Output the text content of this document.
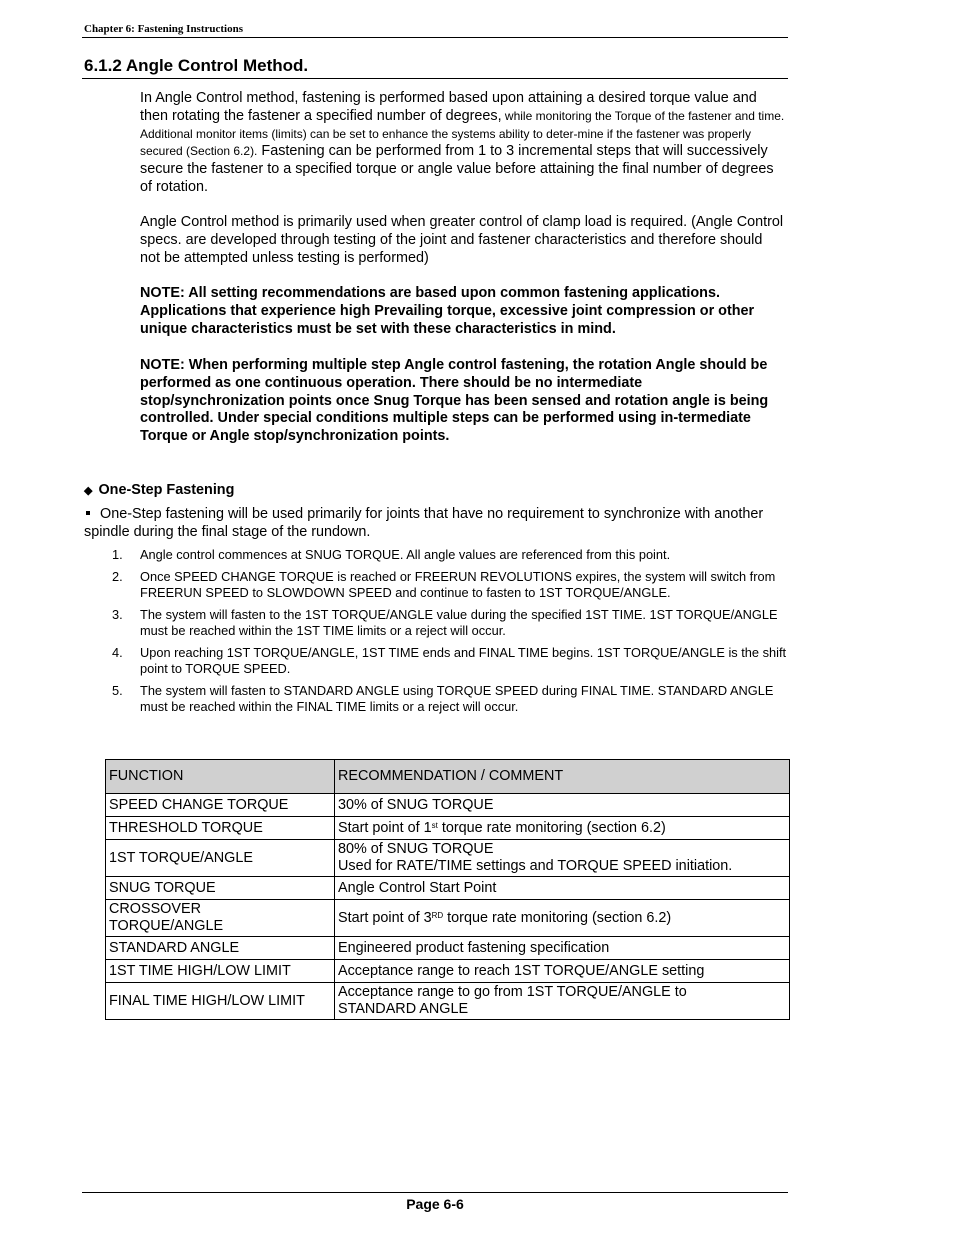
Chapter 6: Fastening Instructions
6.1.2 Angle Control Method.
In Angle Control method, fastening is performed based upon attaining a desired torque value and then rotating the fastener a specified number of degrees, while monitoring the Torque of the fastener and time. Additional monitor items (limits) can be set to enhance the systems ability to deter-mine if the fastener was properly secured (Section 6.2). Fastening can be performed from 1 to 3 incremental steps that will successively secure the fastener to a specified torque or angle value before attaining the final number of degrees of rotation.
Angle Control method is primarily used when greater control of clamp load is required. (Angle Control specs. are developed through testing of the joint and fastener characteristics and therefore should not be attempted unless testing is performed)
NOTE: All setting recommendations are based upon common fastening applications. Applications that experience high Prevailing torque, excessive joint compression or other unique characteristics must be set with these characteristics in mind.
NOTE: When performing multiple step Angle control fastening, the rotation Angle should be performed as one continuous operation. There should be no intermediate stop/synchronization points once Snug Torque has been sensed and rotation angle is being controlled. Under special conditions multiple steps can be performed using in-termediate Torque or Angle stop/synchronization points.
◆ One-Step Fastening
One-Step fastening will be used primarily for joints that have no requirement to synchronize with another spindle during the final stage of the rundown.
1. Angle control commences at SNUG TORQUE. All angle values are referenced from this point.
2. Once SPEED CHANGE TORQUE is reached or FREERUN REVOLUTIONS expires, the system will switch from FREERUN SPEED to SLOWDOWN SPEED and continue to fasten to 1ST TORQUE/ANGLE.
3. The system will fasten to the 1ST TORQUE/ANGLE value during the specified 1ST TIME. 1ST TORQUE/ANGLE must be reached within the 1ST TIME limits or a reject will occur.
4. Upon reaching 1ST TORQUE/ANGLE, 1ST TIME ends and FINAL TIME begins. 1ST TORQUE/ANGLE is the shift point to TORQUE SPEED.
5. The system will fasten to STANDARD ANGLE using TORQUE SPEED during FINAL TIME. STANDARD ANGLE must be reached within the FINAL TIME limits or a reject will occur.
FUNCTION	RECOMMENDATION / COMMENT
SPEED CHANGE TORQUE	30% of SNUG TORQUE
THRESHOLD TORQUE	Start point of 1st torque rate monitoring (section 6.2)
1ST TORQUE/ANGLE	80% of SNUG TORQUE
Used for RATE/TIME settings and TORQUE SPEED initiation.

SNUG TORQUE	Angle Control Start Point

CROSSOVER
TORQUE/ANGLE	Start point of 3RD torque rate monitoring (section 6.2)
STANDARD ANGLE	Engineered product fastening specification
1ST TIME HIGH/LOW LIMIT	Acceptance range to reach 1ST TORQUE/ANGLE setting
FINAL TIME HIGH/LOW LIMIT	Acceptance range to go from 1ST TORQUE/ANGLE to
STANDARD ANGLE
Page 6-6
